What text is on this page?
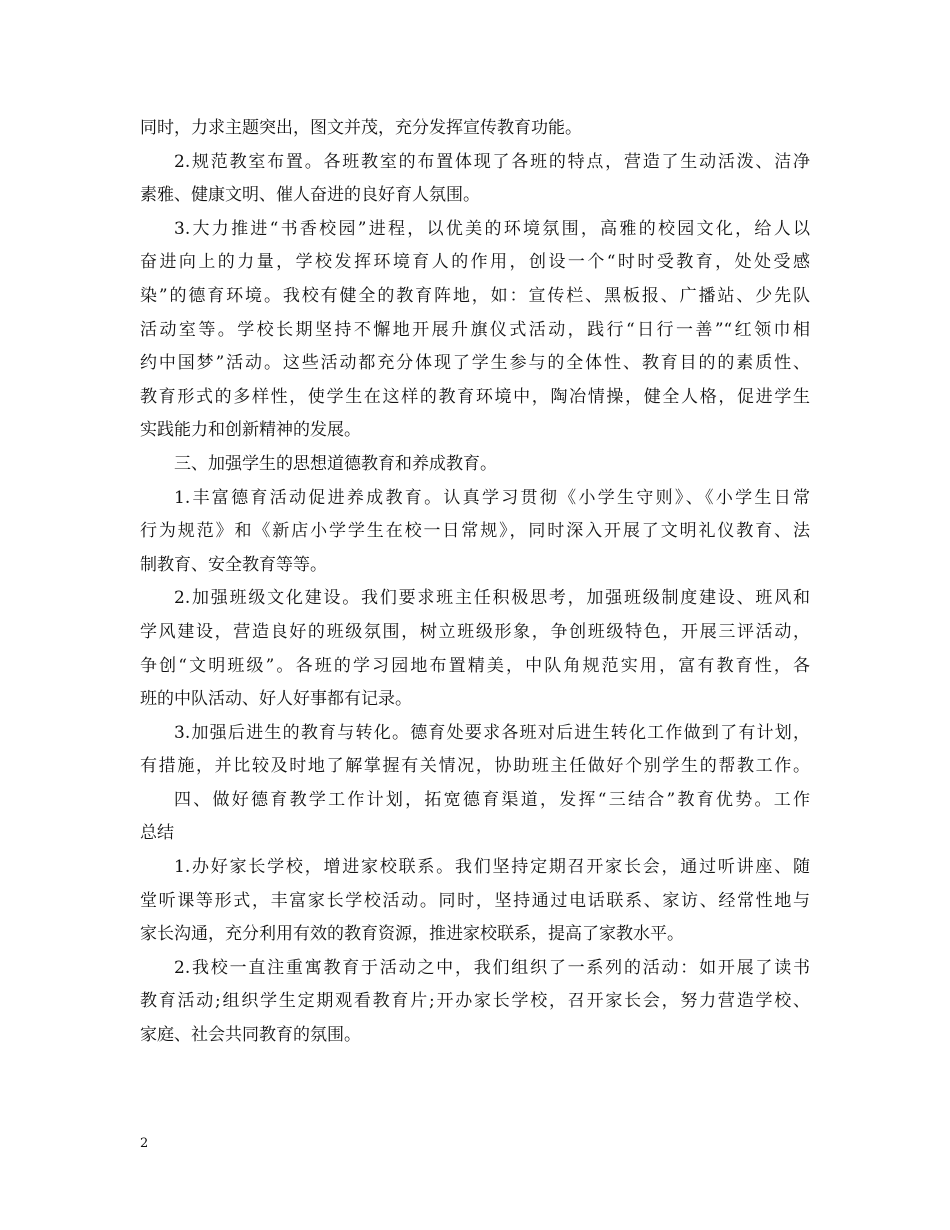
同时，力求主题突出，图文并茂，充分发挥宣传教育功能。
2.规范教室布置。各班教室的布置体现了各班的特点，营造了生动活泼、洁净
素雅、健康文明、催人奋进的良好育人氛围。
3.大力推进“书香校园”进程，以优美的环境氛围，高雅的校园文化，给人以
奋进向上的力量，学校发挥环境育人的作用，创设一个“时时受教育，处处受感
染”的德育环境。我校有健全的教育阵地，如：宣传栏、黑板报、广播站、少先队
活动室等。学校长期坚持不懈地开展升旗仪式活动，践行“日行一善”“红领巾相
约中国梦”活动。这些活动都充分体现了学生参与的全体性、教育目的的素质性、
教育形式的多样性，使学生在这样的教育环境中，陶冶情操，健全人格，促进学生
实践能力和创新精神的发展。
三、加强学生的思想道德教育和养成教育。
1.丰富德育活动促进养成教育。认真学习贯彻《小学生守则》、《小学生日常
行为规范》和《新店小学学生在校一日常规》，同时深入开展了文明礼仪教育、法
制教育、安全教育等等。
2.加强班级文化建设。我们要求班主任积极思考，加强班级制度建设、班风和
学风建设，营造良好的班级氛围，树立班级形象，争创班级特色，开展三评活动，
争创“文明班级”。各班的学习园地布置精美，中队角规范实用，富有教育性，各
班的中队活动、好人好事都有记录。
3.加强后进生的教育与转化。德育处要求各班对后进生转化工作做到了有计划，
有措施，并比较及时地了解掌握有关情况，协助班主任做好个别学生的帮教工作。
四、做好德育教学工作计划，拓宽德育渠道，发挥“三结合”教育优势。工作
总结
1.办好家长学校，增进家校联系。我们坚持定期召开家长会，通过听讲座、随
堂听课等形式，丰富家长学校活动。同时，坚持通过电话联系、家访、经常性地与
家长沟通，充分利用有效的教育资源，推进家校联系，提高了家教水平。
2.我校一直注重寓教育于活动之中，我们组织了一系列的活动：如开展了读书
教育活动;组织学生定期观看教育片;开办家长学校，召开家长会，努力营造学校、
家庭、社会共同教育的氛围。
2
